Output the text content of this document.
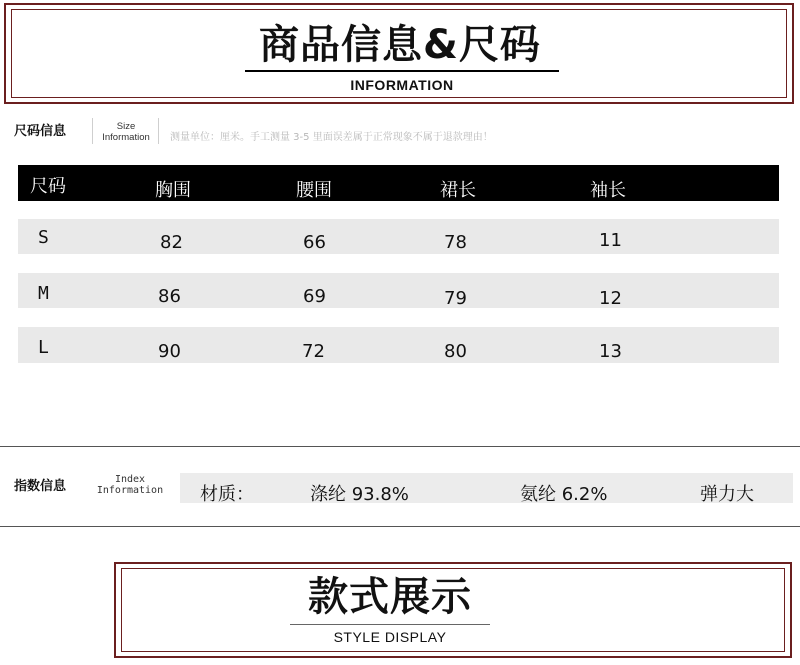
商品信息&尺码
INFORMATION
尺码信息	Size
Information	测量单位：厘米。手工测量 3-5 里面误差属于正常现象不属于退款理由！
尺码	胸围	腰围	裙长	袖长
S	82	66	78	11
M	86	69	79	12
L	90	72	80	13
指数信息	Index
Information	材质：	涤纶 93.8%	氨纶 6.2%	弹力大
款式展示
STYLE DISPLAY
